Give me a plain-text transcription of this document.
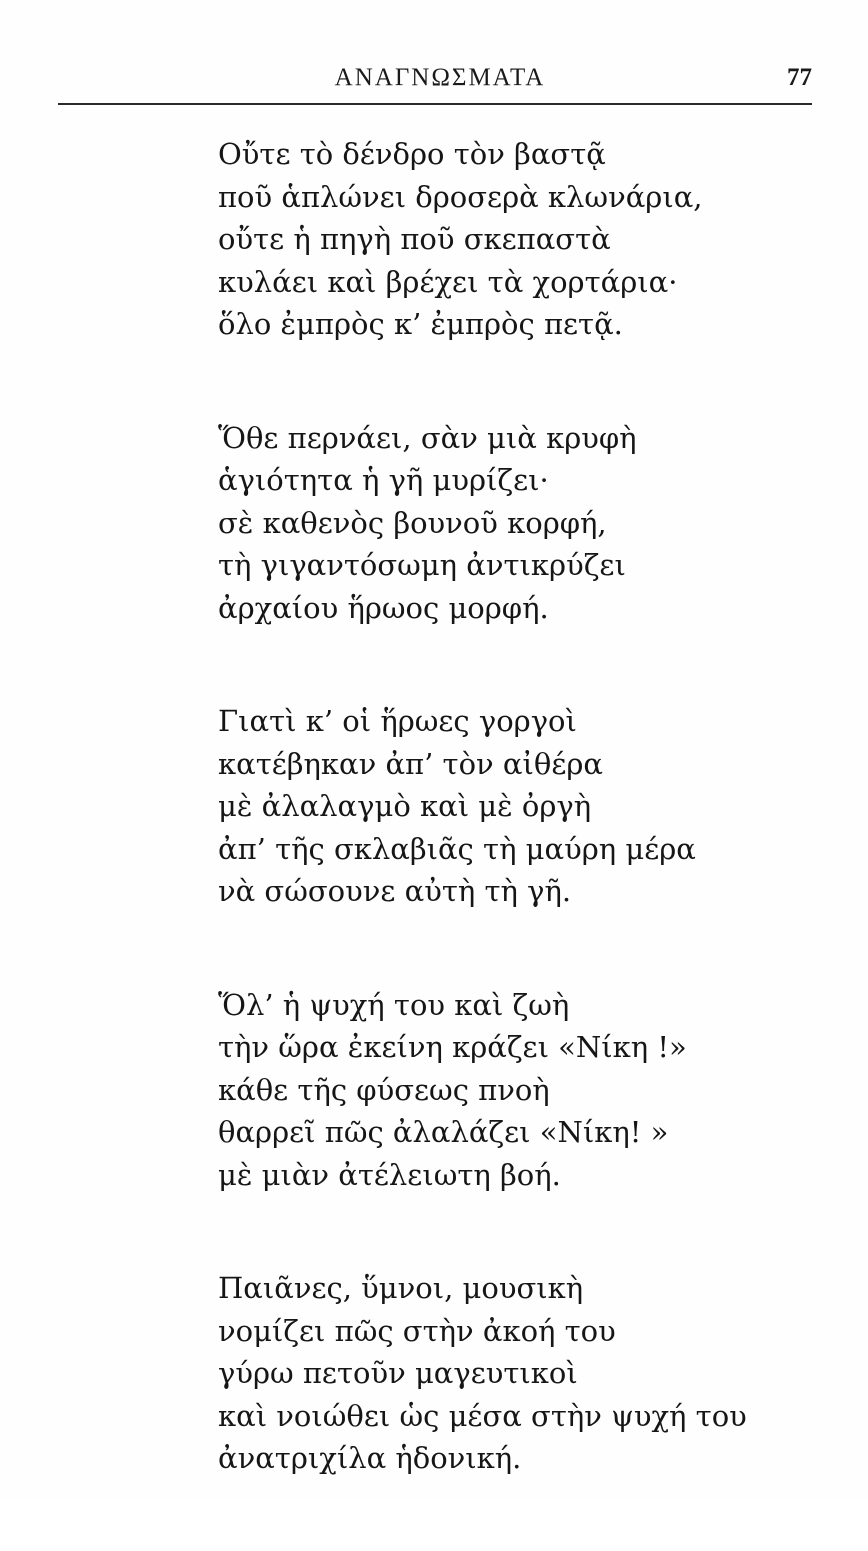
ΑΝΑΓΝΩΣΜΑΤΑ	77
Οὔτε τὸ δένδρο τὸν βαστᾷ
ποῦ ἁπλώνει δροσερὰ κλωνάρια,
οὔτε ἡ πηγὴ ποῦ σκεπαστὰ
κυλάει καὶ βρέχει τὰ χορτάρια·
ὅλο ἐμπρὸς κ’ ἐμπρὸς πετᾷ.
Ὅθε περνάει, σὰν μιὰ κρυφὴ
ἁγιότητα ἡ γῆ μυρίζει·
σὲ καθενὸς βουνοῦ κορφή,
τὴ γιγαντόσωμη ἀντικρύζει
ἀρχαίου ἥρωος μορφή.
Γιατὶ κ’ οἱ ἥρωες γοργοὶ
κατέβηκαν ἀπ’ τὸν αἰθέρα
μὲ ἀλαλαγμὸ καὶ μὲ ὀργὴ
ἀπ’ τῆς σκλαβιᾶς τὴ μαύρη μέρα
νὰ σώσουνε αὐτὴ τὴ γῆ.
Ὅλ’ ἡ ψυχή του καὶ ζωὴ
τὴν ὥρα ἐκείνη κράζει «Νίκη !»
κάθε τῆς φύσεως πνοὴ
θαρρεῖ πῶς ἀλαλάζει «Νίκη! »
μὲ μιὰν ἀτέλειωτη βοή.
Παιᾶνες, ὕμνοι, μουσικὴ
νομίζει πῶς στὴν ἀκοή του
γύρω πετοῦν μαγευτικοὶ
καὶ νοιώθει ὡς μέσα στὴν ψυχή του
ἀνατριχίλα ἡδονική.
